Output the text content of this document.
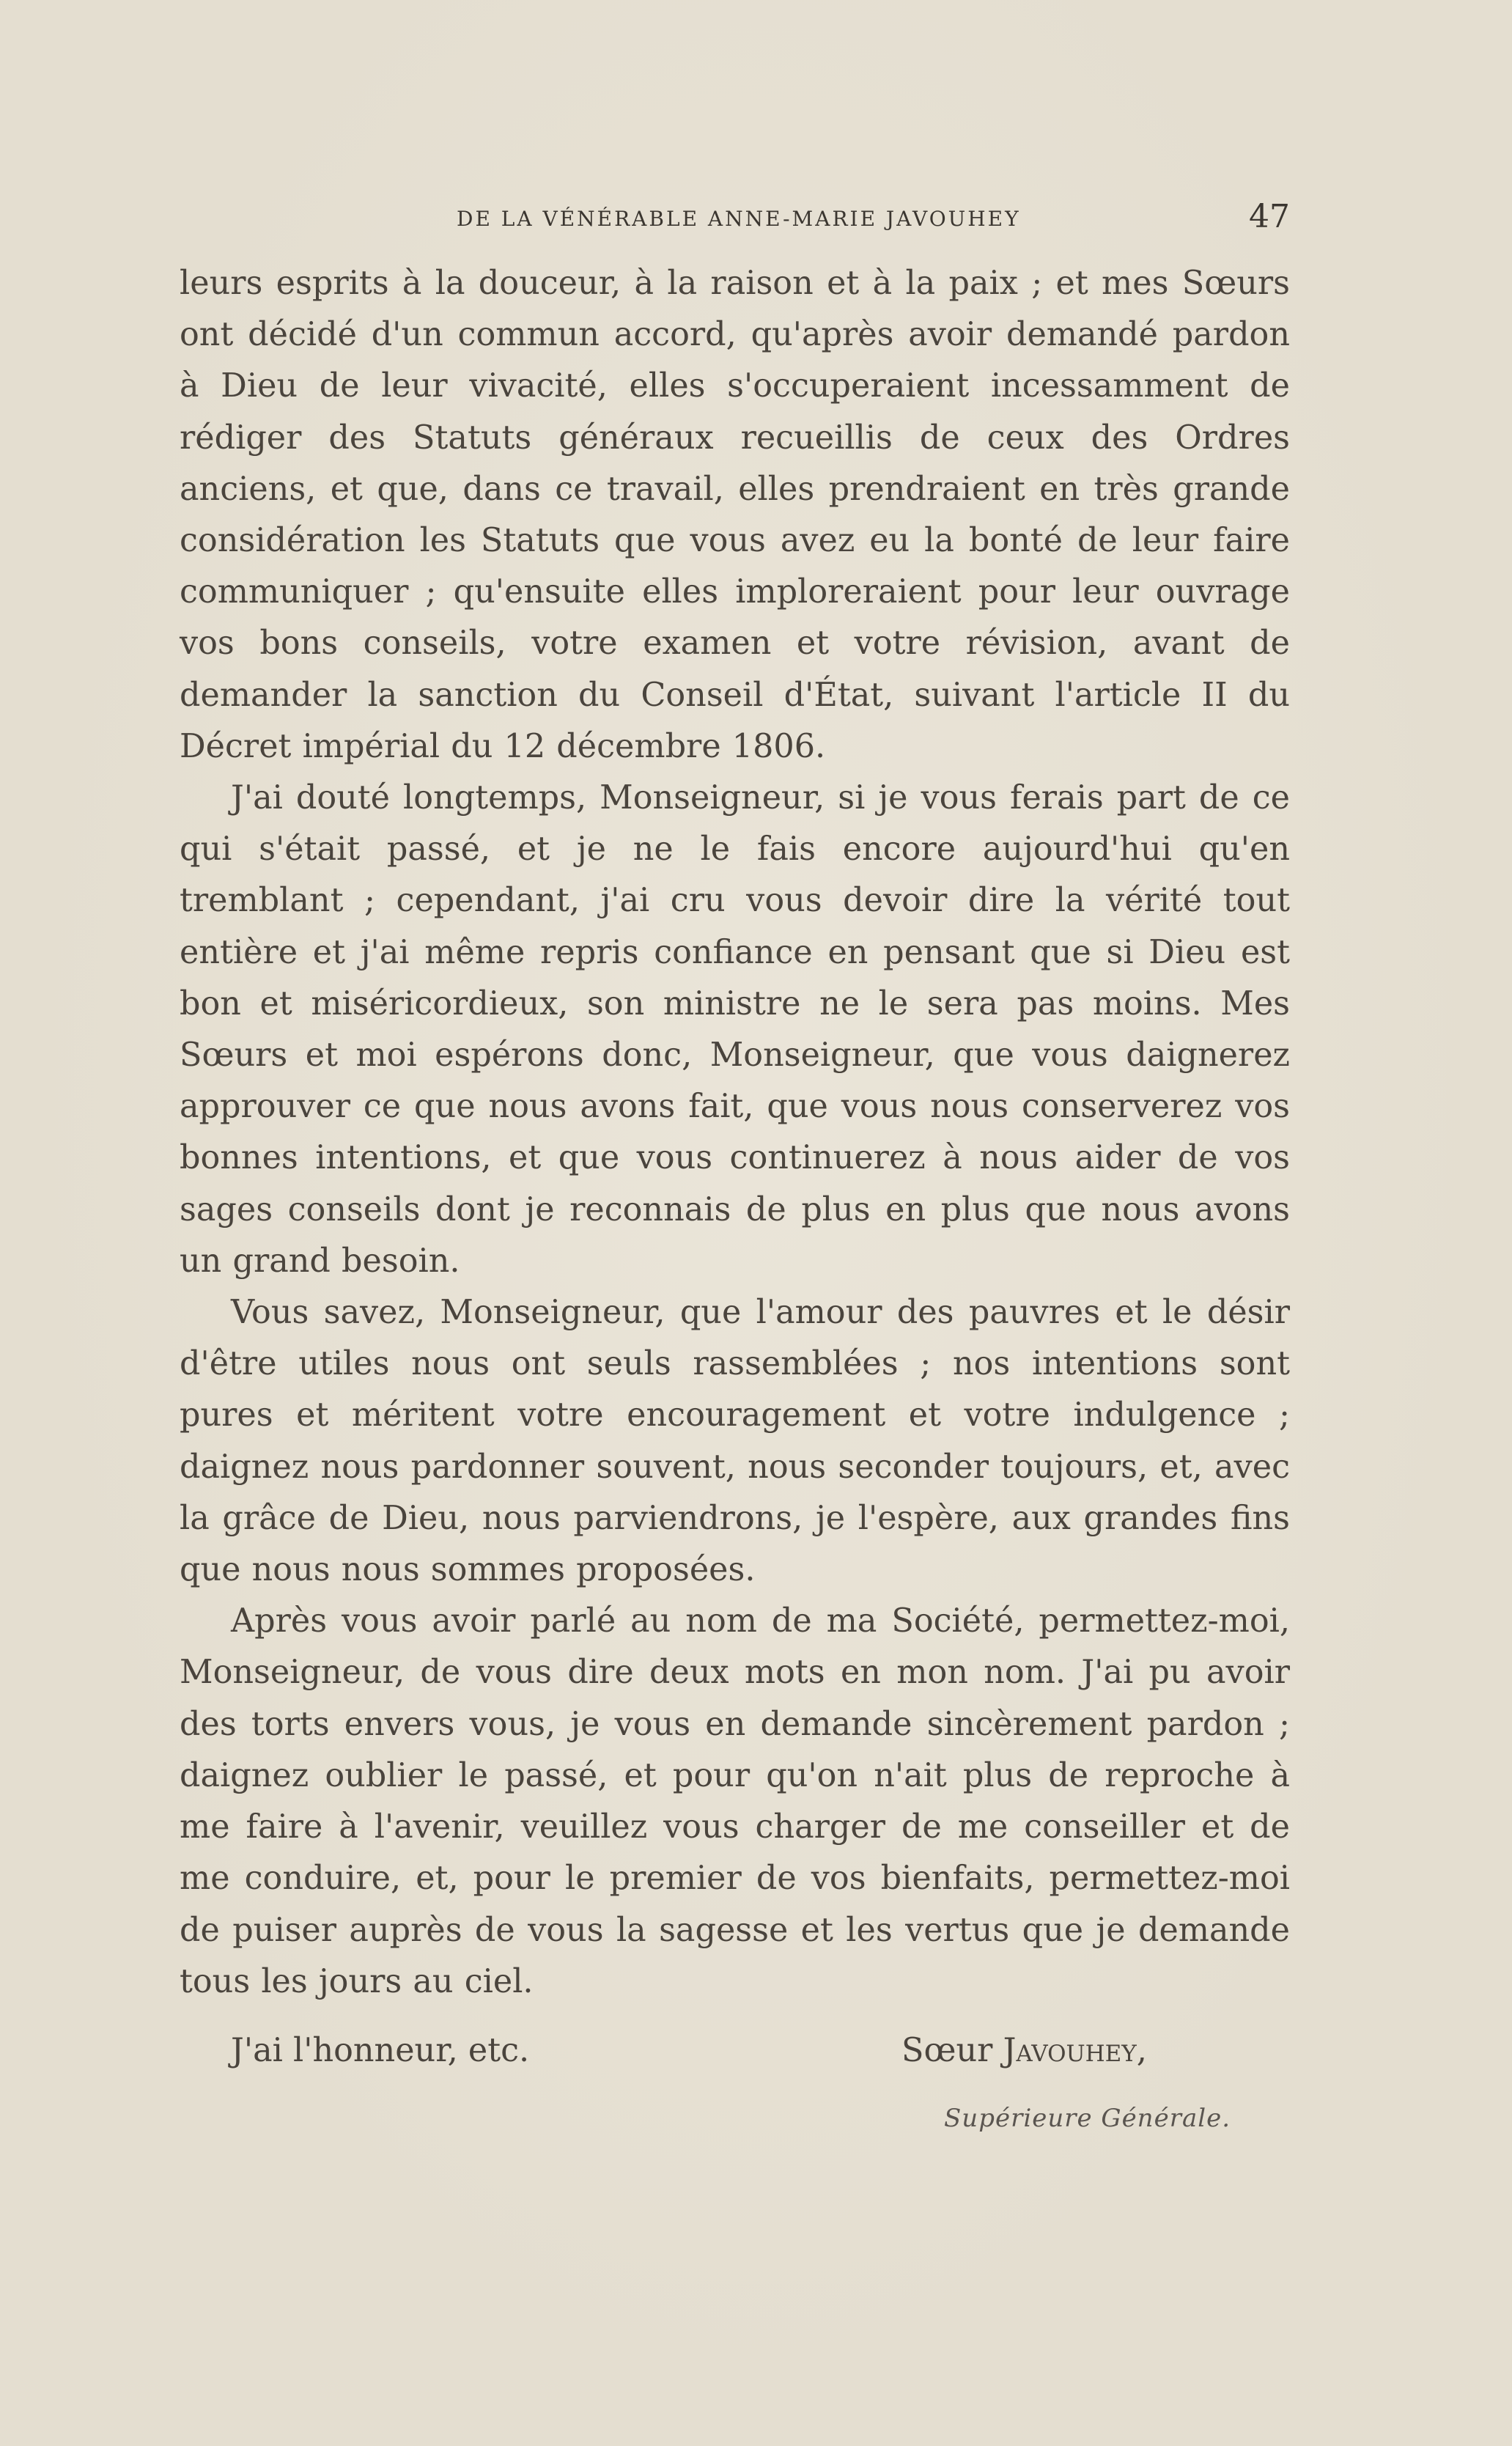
DE LA VÉNÉRABLE ANNE-MARIE JAVOUHEY	47

leurs esprits à la douceur, à la raison et à la paix ; et mes Sœurs ont décidé d'un commun accord, qu'après avoir demandé pardon à Dieu de leur vivacité, elles s'occuperaient incessamment de rédiger des Statuts généraux recueillis de ceux des Ordres anciens, et que, dans ce travail, elles prendraient en très grande considération les Statuts que vous avez eu la bonté de leur faire communiquer ; qu'ensuite elles imploreraient pour leur ouvrage vos bons conseils, votre examen et votre révision, avant de demander la sanction du Conseil d'État, suivant l'article II du Décret impérial du 12 décembre 1806.

J'ai douté longtemps, Monseigneur, si je vous ferais part de ce qui s'était passé, et je ne le fais encore aujourd'hui qu'en tremblant ; cependant, j'ai cru vous devoir dire la vérité tout entière et j'ai même repris confiance en pensant que si Dieu est bon et miséricordieux, son ministre ne le sera pas moins. Mes Sœurs et moi espérons donc, Monseigneur, que vous daignerez approuver ce que nous avons fait, que vous nous conserverez vos bonnes intentions, et que vous continuerez à nous aider de vos sages conseils dont je reconnais de plus en plus que nous avons un grand besoin.

Vous savez, Monseigneur, que l'amour des pauvres et le désir d'être utiles nous ont seuls rassemblées ; nos intentions sont pures et méritent votre encouragement et votre indulgence ; daignez nous pardonner souvent, nous seconder toujours, et, avec la grâce de Dieu, nous parviendrons, je l'espère, aux grandes fins que nous nous sommes proposées.

Après vous avoir parlé au nom de ma Société, permettez-moi, Monseigneur, de vous dire deux mots en mon nom. J'ai pu avoir des torts envers vous, je vous en demande sincèrement pardon ; daignez oublier le passé, et pour qu'on n'ait plus de reproche à me faire à l'avenir, veuillez vous charger de me conseiller et de me conduire, et, pour le premier de vos bienfaits, permettez-moi de puiser auprès de vous la sagesse et les vertus que je demande tous les jours au ciel.

J'ai l'honneur, etc.	Sœur Javouhey,
Supérieure Générale.
